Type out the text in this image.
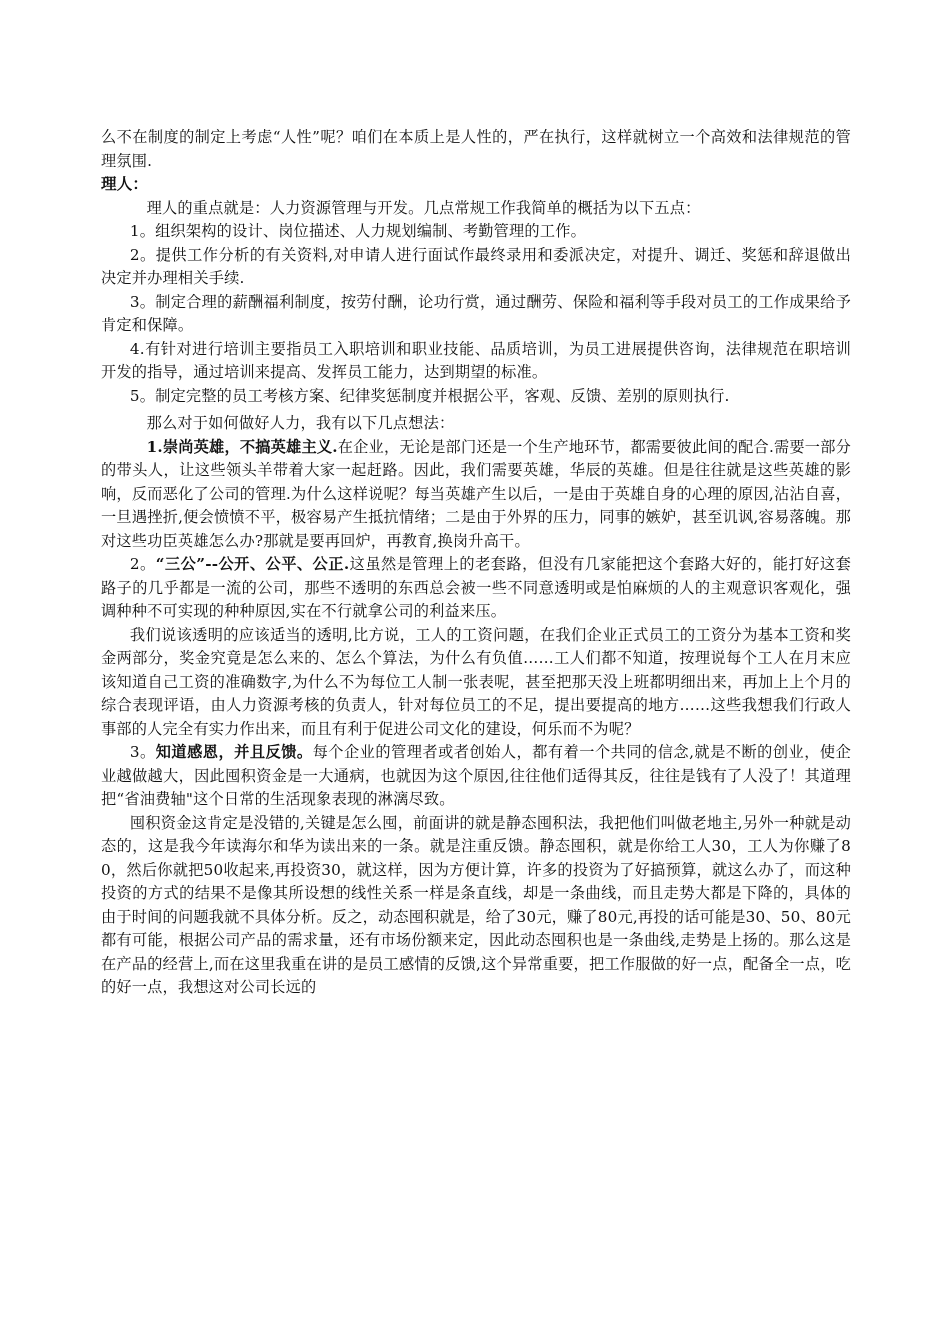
么不在制度的制定上考虑“人性”呢？咱们在本质上是人性的，严在执行，这样就树立一个高效和法律规范的管理氛围.

理人：

理人的重点就是：人力资源管理与开发。几点常规工作我简单的概括为以下五点：

1。组织架构的设计、岗位描述、人力规划编制、考勤管理的工作。

2。提供工作分析的有关资料,对申请人进行面试作最终录用和委派决定，对提升、调迁、奖惩和辞退做出决定并办理相关手续.

3。制定合理的薪酬福利制度，按劳付酬，论功行赏，通过酬劳、保险和福利等手段对员工的工作成果给予肯定和保障。

4.有针对进行培训主要指员工入职培训和职业技能、品质培训，为员工进展提供咨询，法律规范在职培训开发的指导，通过培训来提高、发挥员工能力，达到期望的标准。

5。制定完整的员工考核方案、纪律奖惩制度并根据公平，客观、反馈、差别的原则执行.

那么对于如何做好人力，我有以下几点想法：

1.崇尚英雄，不搞英雄主义.在企业，无论是部门还是一个生产地环节，都需要彼此间的配合.需要一部分的带头人，让这些领头羊带着大家一起赶路。因此，我们需要英雄，华辰的英雄。但是往往就是这些英雄的影响，反而恶化了公司的管理.为什么这样说呢？每当英雄产生以后，一是由于英雄自身的心理的原因,沾沾自喜，一旦遇挫折,便会愤愤不平，极容易产生抵抗情绪；二是由于外界的压力，同事的嫉妒，甚至讥讽,容易落魄。那对这些功臣英雄怎么办?那就是要再回炉，再教育,换岗升高干。

2。“三公”--公开、公平、公正.这虽然是管理上的老套路，但没有几家能把这个套路大好的，能打好这套路子的几乎都是一流的公司，那些不透明的东西总会被一些不同意透明或是怕麻烦的人的主观意识客观化，强调种种不可实现的种种原因,实在不行就拿公司的利益来压。

我们说该透明的应该适当的透明,比方说，工人的工资问题，在我们企业正式员工的工资分为基本工资和奖金两部分，奖金究竟是怎么来的、怎么个算法，为什么有负值……工人们都不知道，按理说每个工人在月末应该知道自己工资的准确数字,为什么不为每位工人制一张表呢，甚至把那天没上班都明细出来，再加上上个月的综合表现评语，由人力资源考核的负责人，针对每位员工的不足，提出要提高的地方……这些我想我们行政人事部的人完全有实力作出来，而且有利于促进公司文化的建设，何乐而不为呢？

3。知道感恩，并且反馈。每个企业的管理者或者创始人，都有着一个共同的信念,就是不断的创业，使企业越做越大，因此囤积资金是一大通病，也就因为这个原因,往往他们适得其反，往往是钱有了人没了！其道理把“省油费轴"这个日常的生活现象表现的淋漓尽致。

囤积资金这肯定是没错的,关键是怎么囤，前面讲的就是静态囤积法，我把他们叫做老地主,另外一种就是动态的，这是我今年读海尔和华为读出来的一条。就是注重反馈。静态囤积，就是你给工人30，工人为你赚了80，然后你就把50收起来,再投资30，就这样，因为方便计算，许多的投资为了好搞预算，就这么办了，而这种投资的方式的结果不是像其所设想的线性关系一样是条直线，却是一条曲线，而且走势大都是下降的，具体的由于时间的问题我就不具体分析。反之，动态囤积就是，给了30元，赚了80元,再投的话可能是30、50、80元都有可能，根据公司产品的需求量，还有市场份额来定，因此动态囤积也是一条曲线,走势是上扬的。那么这是在产品的经营上,而在这里我重在讲的是员工感情的反馈,这个异常重要，把工作服做的好一点，配备全一点，吃的好一点，我想这对公司长远的
